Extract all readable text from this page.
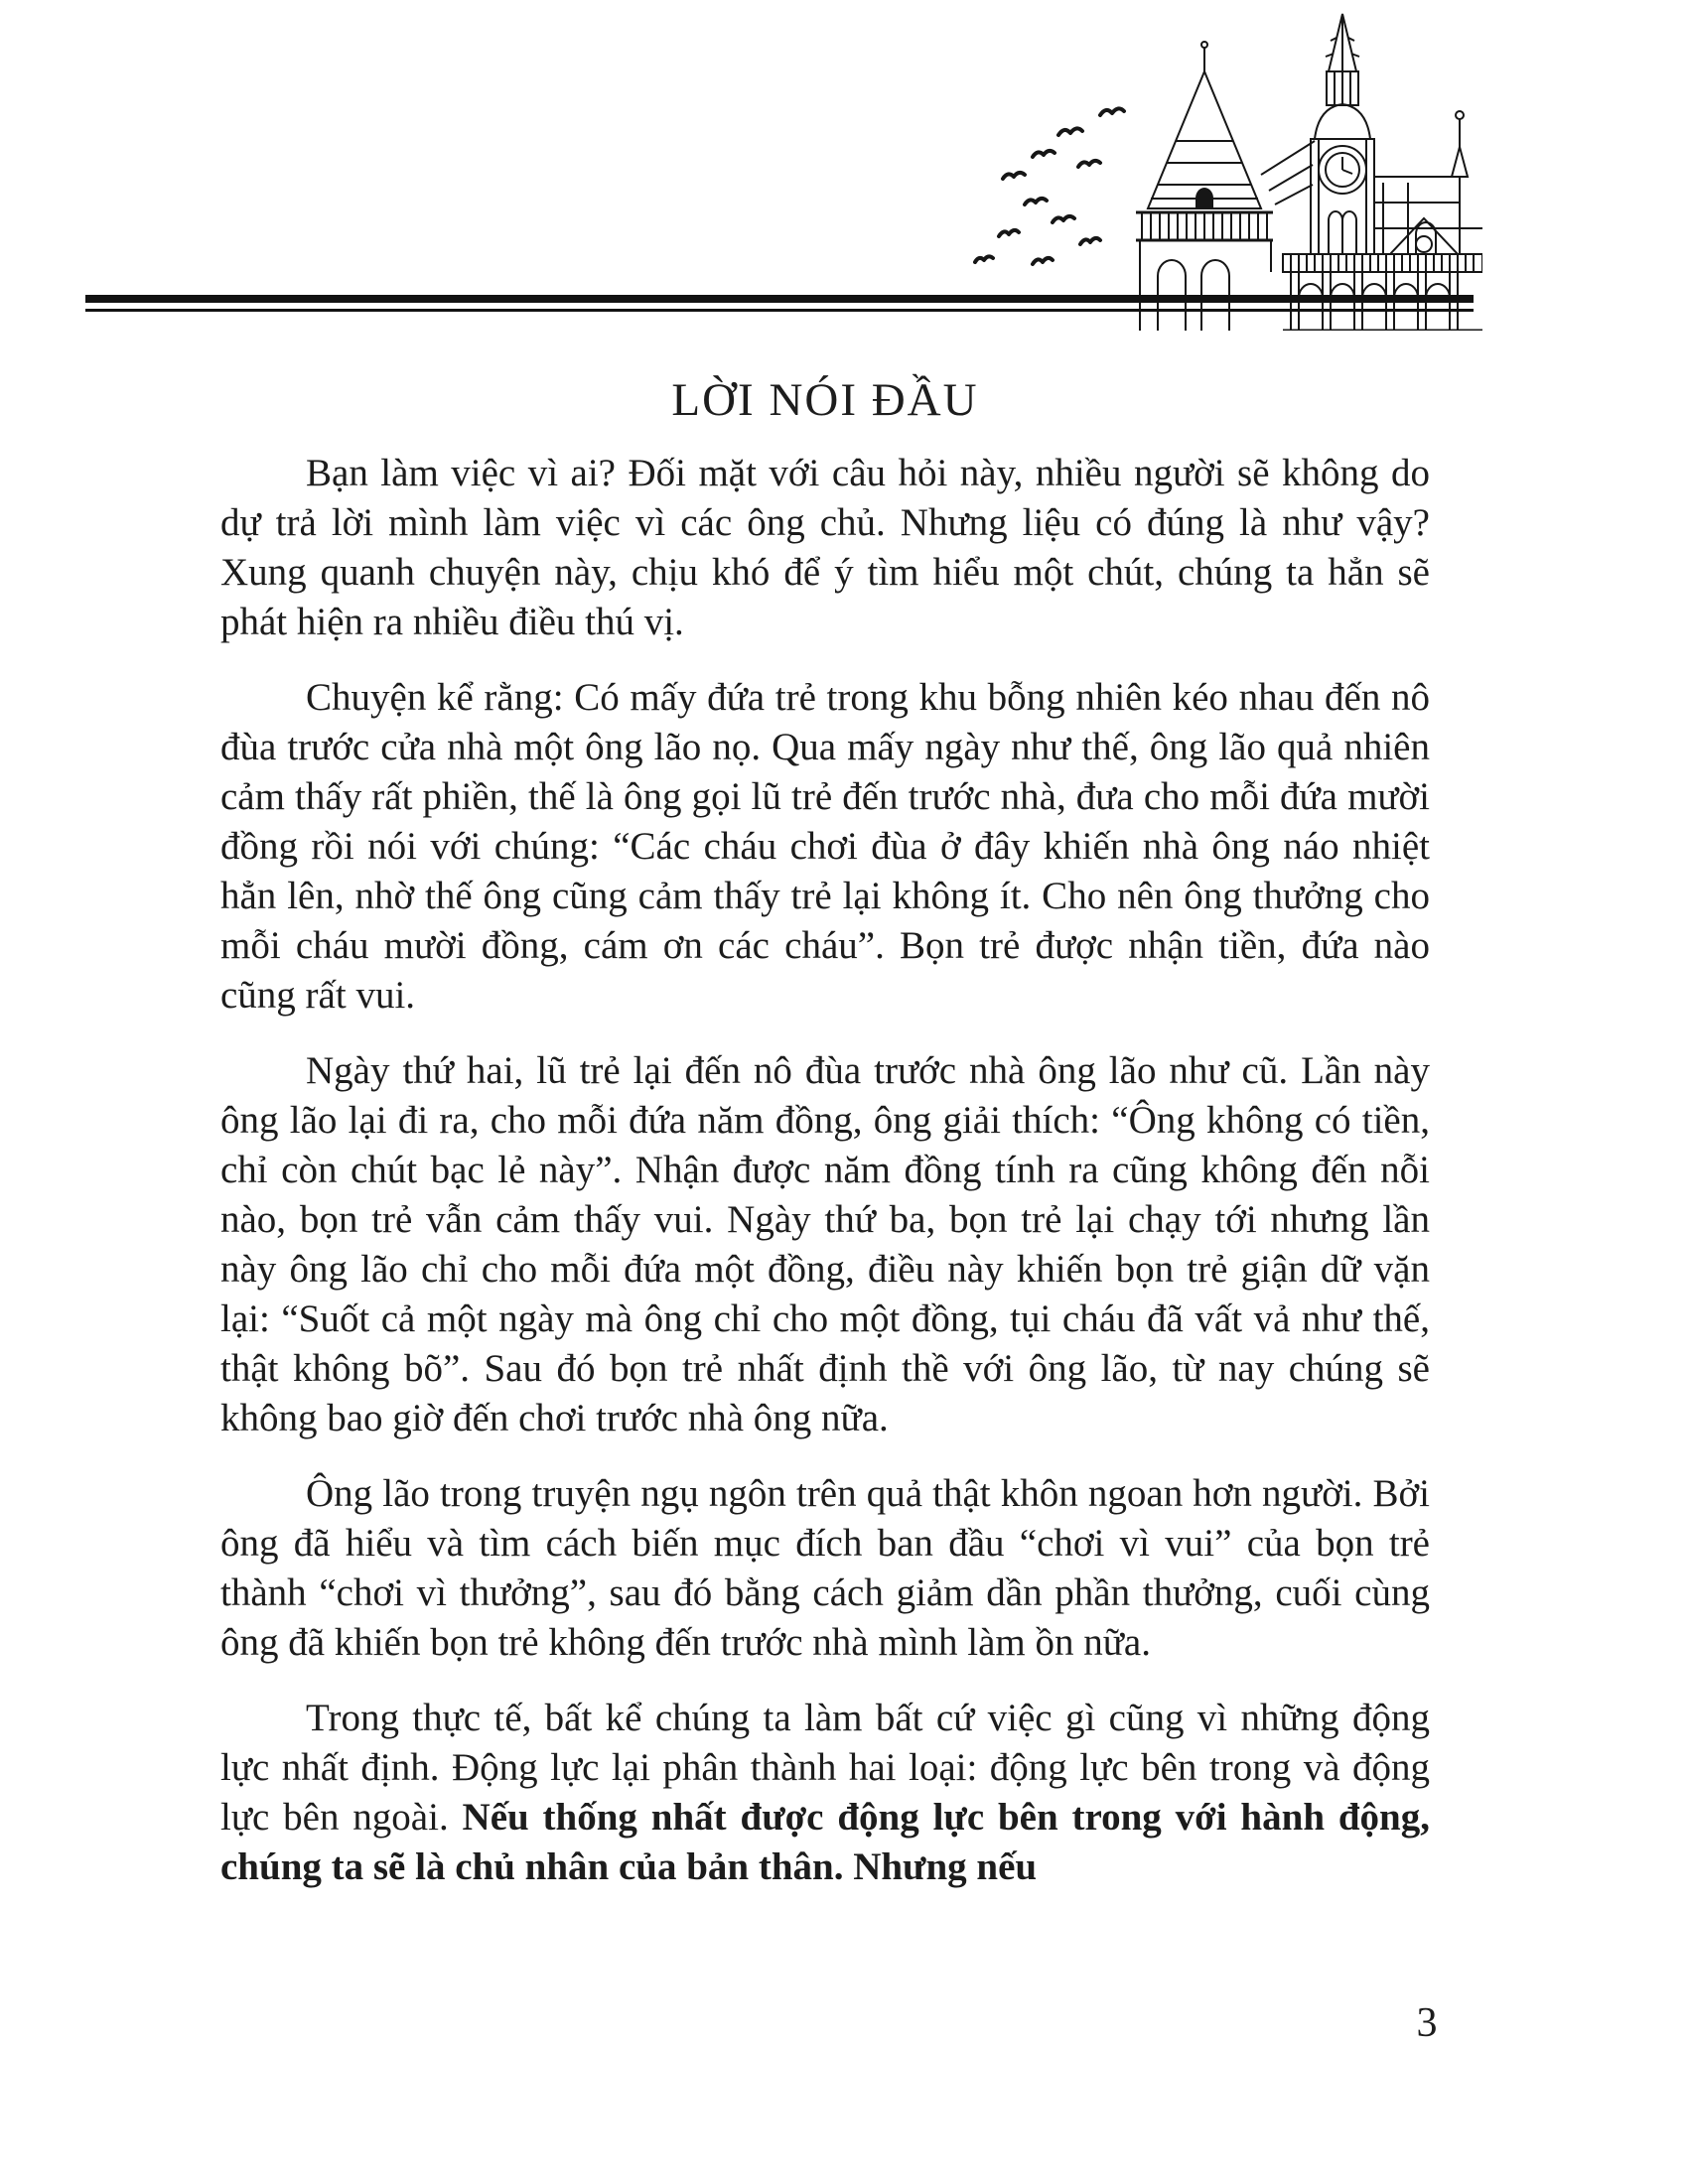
LỜI NÓI ĐẦU

Bạn làm việc vì ai? Đối mặt với câu hỏi này, nhiều người sẽ không do dự trả lời mình làm việc vì các ông chủ. Nhưng liệu có đúng là như vậy? Xung quanh chuyện này, chịu khó để ý tìm hiểu một chút, chúng ta hẳn sẽ phát hiện ra nhiều điều thú vị.

Chuyện kể rằng: Có mấy đứa trẻ trong khu bỗng nhiên kéo nhau đến nô đùa trước cửa nhà một ông lão nọ. Qua mấy ngày như thế, ông lão quả nhiên cảm thấy rất phiền, thế là ông gọi lũ trẻ đến trước nhà, đưa cho mỗi đứa mười đồng rồi nói với chúng: “Các cháu chơi đùa ở đây khiến nhà ông náo nhiệt hẳn lên, nhờ thế ông cũng cảm thấy trẻ lại không ít. Cho nên ông thưởng cho mỗi cháu mười đồng, cám ơn các cháu”. Bọn trẻ được nhận tiền, đứa nào cũng rất vui.

Ngày thứ hai, lũ trẻ lại đến nô đùa trước nhà ông lão như cũ. Lần này ông lão lại đi ra, cho mỗi đứa năm đồng, ông giải thích: “Ông không có tiền, chỉ còn chút bạc lẻ này”. Nhận được năm đồng tính ra cũng không đến nỗi nào, bọn trẻ vẫn cảm thấy vui. Ngày thứ ba, bọn trẻ lại chạy tới nhưng lần này ông lão chỉ cho mỗi đứa một đồng, điều này khiến bọn trẻ giận dữ vặn lại: “Suốt cả một ngày mà ông chỉ cho một đồng, tụi cháu đã vất vả như thế, thật không bõ”. Sau đó bọn trẻ nhất định thề với ông lão, từ nay chúng sẽ không bao giờ đến chơi trước nhà ông nữa.

Ông lão trong truyện ngụ ngôn trên quả thật khôn ngoan hơn người. Bởi ông đã hiểu và tìm cách biến mục đích ban đầu “chơi vì vui” của bọn trẻ thành “chơi vì thưởng”, sau đó bằng cách giảm dần phần thưởng, cuối cùng ông đã khiến bọn trẻ không đến trước nhà mình làm ồn nữa.

Trong thực tế, bất kể chúng ta làm bất cứ việc gì cũng vì những động lực nhất định. Động lực lại phân thành hai loại: động lực bên trong và động lực bên ngoài. Nếu thống nhất được động lực bên trong với hành động, chúng ta sẽ là chủ nhân của bản thân. Nhưng nếu

3
